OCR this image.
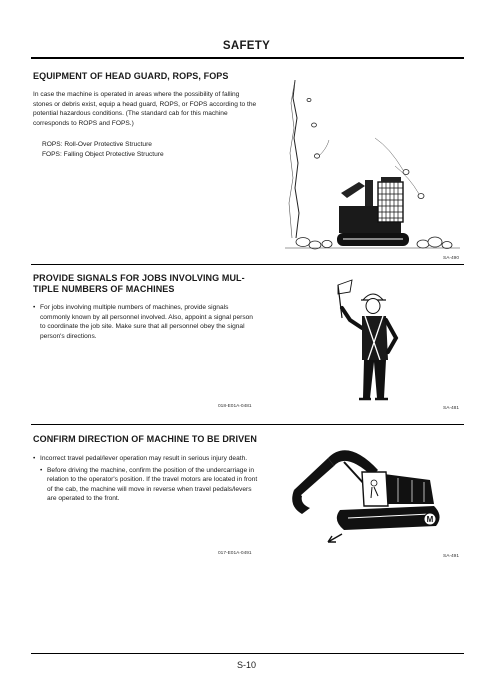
SAFETY
EQUIPMENT OF HEAD GUARD, ROPS, FOPS
In case the machine is operated in areas where the possibility of falling stones or debris exist, equip a head guard, ROPS, or FOPS according to the potential hazardous conditions. (The standard cab for this machine corresponds to ROPS and FOPS.)
ROPS: Roll-Over Protective Structure
FOPS: Falling Object Protective Structure
SA-490
PROVIDE SIGNALS FOR JOBS INVOLVING MUL-
TIPLE NUMBERS OF MACHINES
• For jobs involving multiple numbers of machines, provide signals commonly known by all personnel involved. Also, appoint a signal person to coordinate the job site. Make sure that all personnel obey the signal person's directions.
018-E01A-0481	SA-481
CONFIRM DIRECTION OF MACHINE TO BE DRIVEN
• Incorrect travel pedal/lever operation may result in serious injury death.
• Before driving the machine, confirm the position of the undercarriage in relation to the operator's position. If the travel motors are located in front of the cab, the machine will move in reverse when travel pedals/levers are operated to the front.
017-E01A-0491
M
SA-491
S-10
